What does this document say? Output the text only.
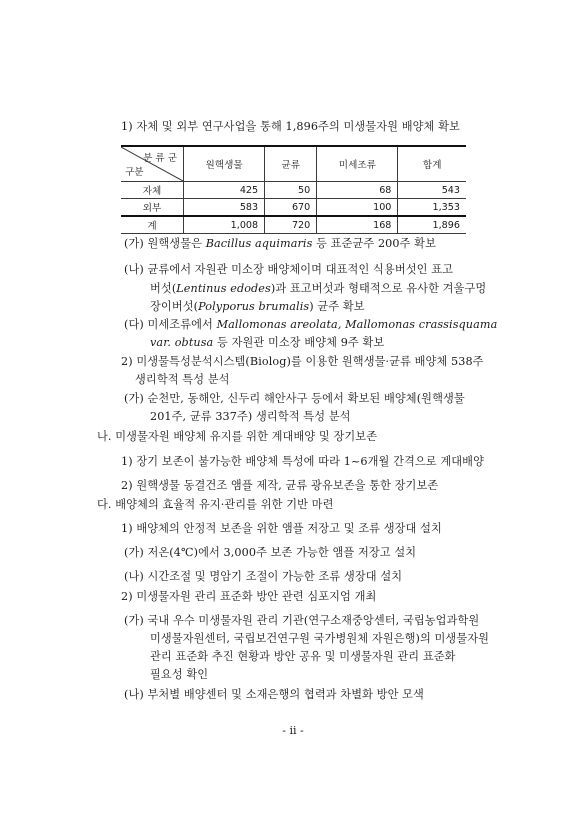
1) 자체 및 외부 연구사업을 통해 1,896주의 미생물자원 배양체 확보
분 류 군
구분	원핵생물	균류	미세조류	합계
자체	425	50	68	543
외부	583	670	100	1,353
계	1,008	720	168	1,896
(가) 원핵생물은 Bacillus aquimaris 등 표준균주 200주 확보
(나) 균류에서 자원관 미소장 배양체이며 대표적인 식용버섯인 표고
버섯(Lentinus edodes)과 표고버섯과 형태적으로 유사한 겨울구멍
장이버섯(Polyporus brumalis) 균주 확보
(다) 미세조류에서 Mallomonas areolata, Mallomonas crassisquama
var. obtusa 등 자원관 미소장 배양체 9주 확보
2) 미생물특성분석시스템(Biolog)를 이용한 원핵생물·균류 배양체 538주
생리학적 특성 분석
(가) 순천만, 동해안, 신두리 해안사구 등에서 확보된 배양체(원핵생물
201주, 균류 337주) 생리학적 특성 분석
나. 미생물자원 배양체 유지를 위한 계대배양 및 장기보존
1) 장기 보존이 불가능한 배양체 특성에 따라 1~6개월 간격으로 계대배양
2) 원핵생물 동결건조 앰플 제작, 균류 광유보존을 통한 장기보존
다. 배양체의 효율적 유지·관리를 위한 기반 마련
1) 배양체의 안정적 보존을 위한 앰플 저장고 및 조류 생장대 설치
(가) 저온(4℃)에서 3,000주 보존 가능한 앰플 저장고 설치
(나) 시간조절 및 명암기 조절이 가능한 조류 생장대 설치
2) 미생물자원 관리 표준화 방안 관련 심포지엄 개최
(가) 국내 우수 미생물자원 관리 기관(연구소재중앙센터, 국립농업과학원
미생물자원센터, 국립보건연구원 국가병원체 자원은행)의 미생물자원
관리 표준화 추진 현황과 방안 공유 및 미생물자원 관리 표준화
필요성 확인
(나) 부처별 배양센터 및 소재은행의 협력과 차별화 방안 모색
- ii -
